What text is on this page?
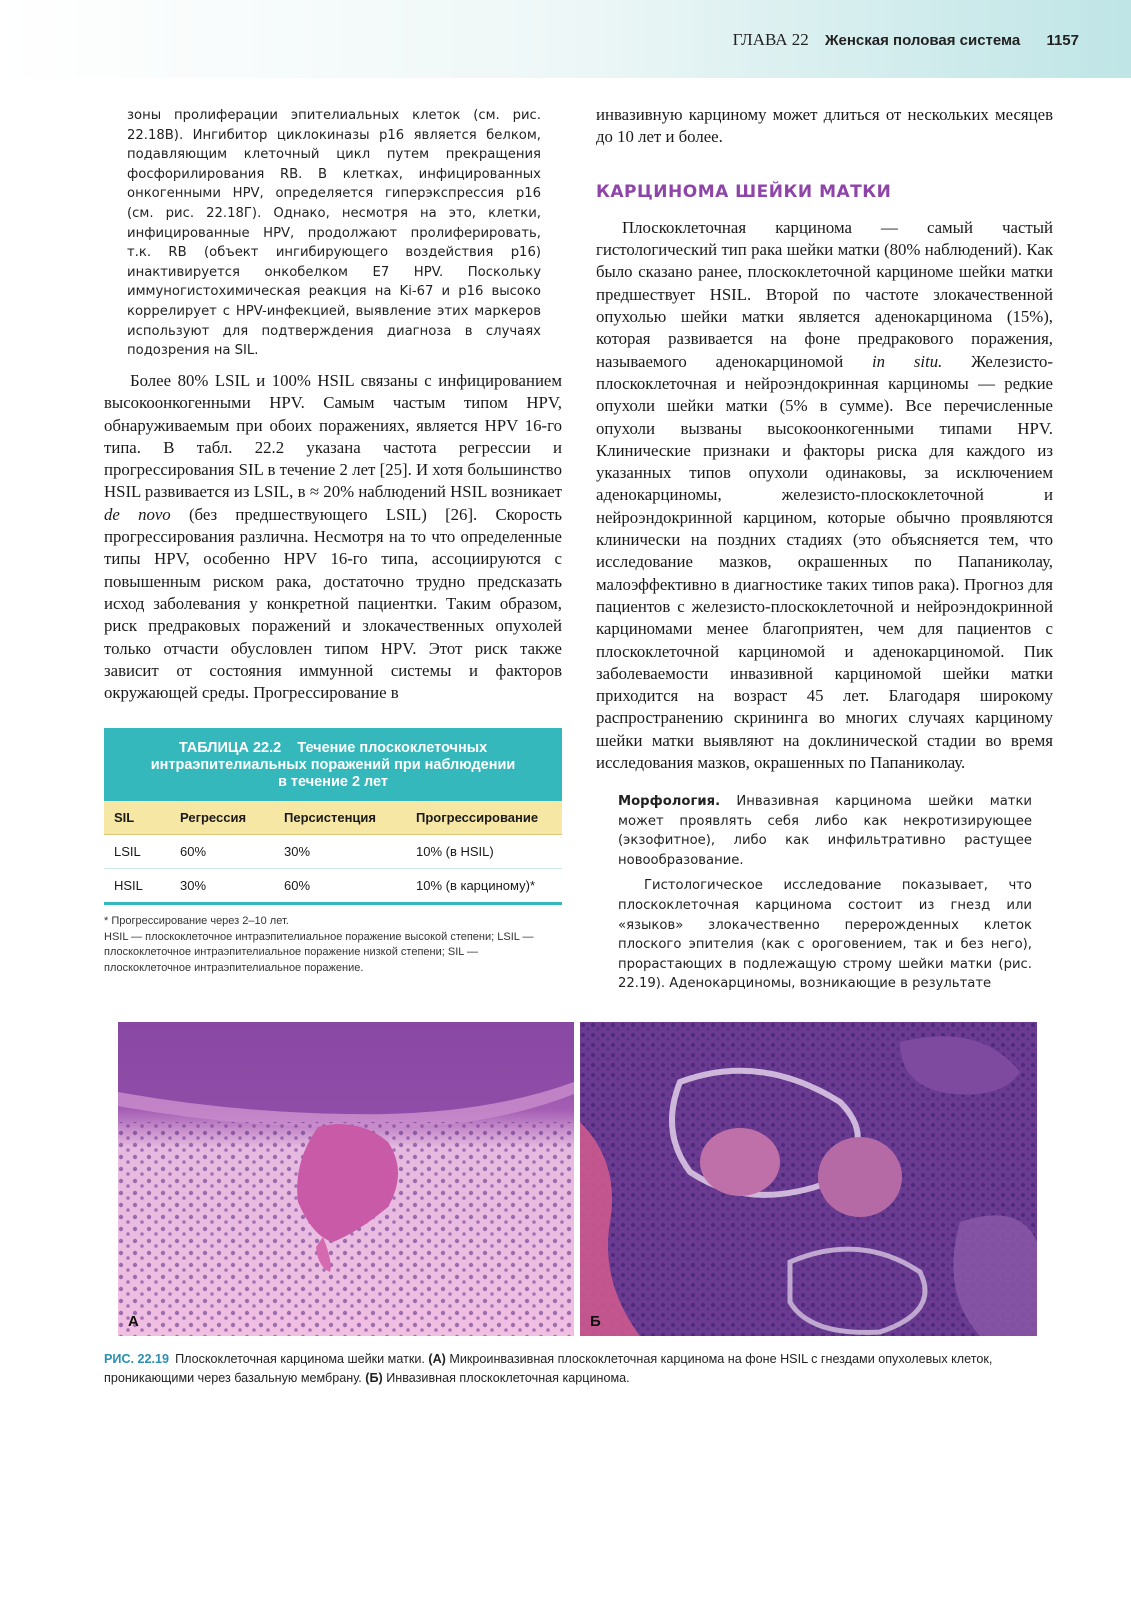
ГЛАВА 22 Женская половая система 1157

зоны пролиферации эпителиальных клеток (см. рис. 22.18В). Ингибитор циклокиназы p16 является белком, подавляющим клеточный цикл путем прекращения фосфорилирования RB. В клетках, инфицированных онкогенными HPV, определяется гиперэкспрессия p16 (см. рис. 22.18Г). Однако, несмотря на это, клетки, инфицированные HPV, продолжают пролиферировать, т.к. RB (объект ингибирующего воздействия p16) инактивируется онкобелком E7 HPV. Поскольку иммуногистохимическая реакция на Ki-67 и p16 высоко коррелирует с HPV-инфекцией, выявление этих маркеров используют для подтверждения диагноза в случаях подозрения на SIL.

Более 80% LSIL и 100% HSIL связаны с инфицированием высокоонкогенными HPV. Самым частым типом HPV, обнаруживаемым при обоих поражениях, является HPV 16-го типа. В табл. 22.2 указана частота регрессии и прогрессирования SIL в течение 2 лет [25]. И хотя большинство HSIL развивается из LSIL, в ≈ 20% наблюдений HSIL возникает de novo (без предшествующего LSIL) [26]. Скорость прогрессирования различна. Несмотря на то что определенные типы HPV, особенно HPV 16-го типа, ассоциируются с повышенным риском рака, достаточно трудно предсказать исход заболевания у конкретной пациентки. Таким образом, риск предраковых поражений и злокачественных опухолей только отчасти обусловлен типом HPV. Этот риск также зависит от состояния иммунной системы и факторов окружающей среды. Прогрессирование в

ТАБЛИЦА 22.2    Течение плоскоклеточных
интраэпителиальных поражений при наблюдении
в течение 2 лет
SIL	Регрессия	Персистенция	Прогрессирование
LSIL	60%	30%	10% (в HSIL)
HSIL	30%	60%	10% (в карциному)*
* Прогрессирование через 2–10 лет.
HSIL — плоскоклеточное интраэпителиальное поражение высокой степени; LSIL — плоскоклеточное интраэпителиальное поражение низкой степени; SIL — плоскоклеточное интраэпителиальное поражение.

инвазивную карциному может длиться от нескольких месяцев до 10 лет и более.

КАРЦИНОМА ШЕЙКИ МАТКИ

Плоскоклеточная карцинома — самый частый гистологический тип рака шейки матки (80% наблюдений). Как было сказано ранее, плоскоклеточной карциноме шейки матки предшествует HSIL. Второй по частоте злокачественной опухолью шейки матки является аденокарцинома (15%), которая развивается на фоне предракового поражения, называемого аденокарциномой in situ. Железисто-плоскоклеточная и нейроэндокринная карциномы — редкие опухоли шейки матки (5% в сумме). Все перечисленные опухоли вызваны высокоонкогенными типами HPV. Клинические признаки и факторы риска для каждого из указанных типов опухоли одинаковы, за исключением аденокарциномы, железисто-плоскоклеточной и нейроэндокринной карцином, которые обычно проявляются клинически на поздних стадиях (это объясняется тем, что исследование мазков, окрашенных по Папаниколау, малоэффективно в диагностике таких типов рака). Прогноз для пациентов с железисто-плоскоклеточной и нейроэндокринной карциномами менее благоприятен, чем для пациентов с плоскоклеточной карциномой и аденокарциномой. Пик заболеваемости инвазивной карциномой шейки матки приходится на возраст 45 лет. Благодаря широкому распространению скрининга во многих случаях карциному шейки матки выявляют на доклинической стадии во время исследования мазков, окрашенных по Папаниколау.

Морфология. Инвазивная карцинома шейки матки может проявлять себя либо как некротизирующее (экзофитное), либо как инфильтративно растущее новообразование.

Гистологическое исследование показывает, что плоскоклеточная карцинома состоит из гнезд или «языков» злокачественно перерожденных клеток плоского эпителия (как с ороговением, так и без него), прорастающих в подлежащую строму шейки матки (рис. 22.19). Аденокарциномы, возникающие в результате

А	Б
РИС. 22.19 Плоскоклеточная карцинома шейки матки. (А) Микроинвазивная плоскоклеточная карцинома на фоне HSIL с гнездами опухолевых клеток, проникающими через базальную мембрану. (Б) Инвазивная плоскоклеточная карцинома.
